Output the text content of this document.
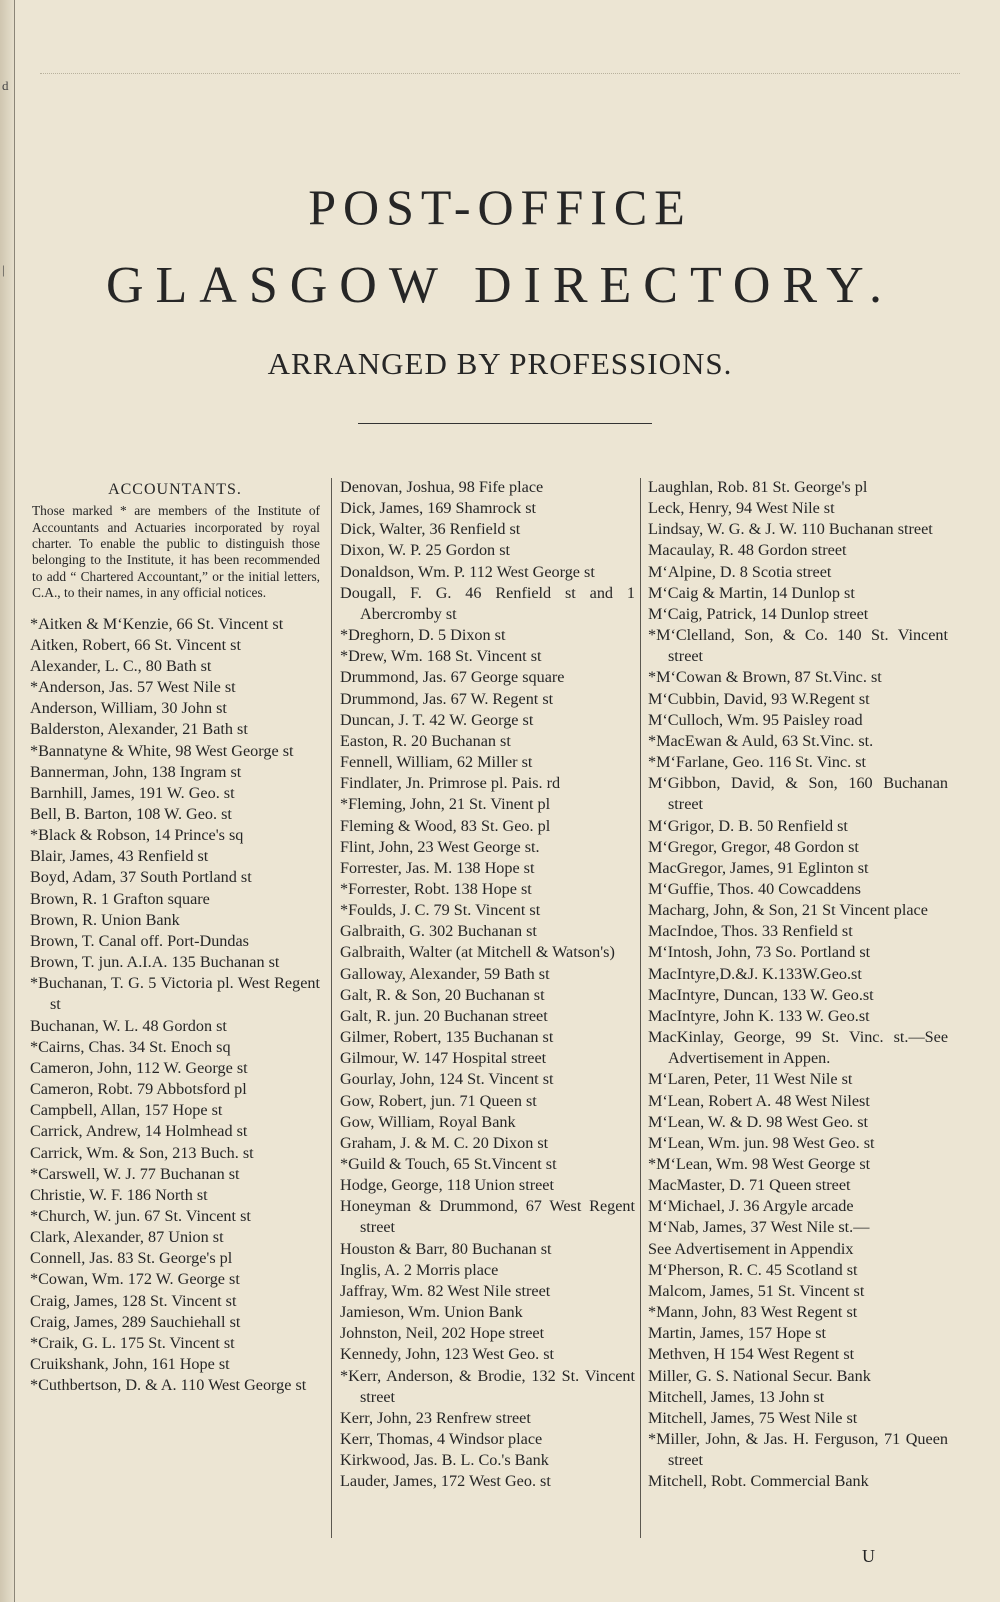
d
|
POST-OFFICE
GLASGOW DIRECTORY.
ARRANGED BY PROFESSIONS.
ACCOUNTANTS.
Those marked * are members of the Institute of Accountants and Actuaries incorporated by royal charter. To enable the public to distinguish those belonging to the Institute, it has been recommended to add “ Chartered Accountant,” or the initial letters, C.A., to their names, in any official notices.
*Aitken & M‘Kenzie, 66 St. Vincent st
Aitken, Robert, 66 St. Vincent st
Alexander, L. C., 80 Bath st
*Anderson, Jas. 57 West Nile st
Anderson, William, 30 John st
Balderston, Alexander, 21 Bath st
*Bannatyne & White, 98 West George st
Bannerman, John, 138 Ingram st
Barnhill, James, 191 W. Geo. st
Bell, B. Barton, 108 W. Geo. st
*Black & Robson, 14 Prince's sq
Blair, James, 43 Renfield st
Boyd, Adam, 37 South Portland st
Brown, R. 1 Grafton square
Brown, R. Union Bank
Brown, T. Canal off. Port-Dundas
Brown, T. jun. A.I.A. 135 Buchanan st
*Buchanan, T. G. 5 Victoria pl. West Regent st
Buchanan, W. L. 48 Gordon st
*Cairns, Chas. 34 St. Enoch sq
Cameron, John, 112 W. George st
Cameron, Robt. 79 Abbotsford pl
Campbell, Allan, 157 Hope st
Carrick, Andrew, 14 Holmhead st
Carrick, Wm. & Son, 213 Buch. st
*Carswell, W. J. 77 Buchanan st
Christie, W. F. 186 North st
*Church, W. jun. 67 St. Vincent st
Clark, Alexander, 87 Union st
Connell, Jas. 83 St. George's pl
*Cowan, Wm. 172 W. George st
Craig, James, 128 St. Vincent st
Craig, James, 289 Sauchiehall st
*Craik, G. L. 175 St. Vincent st
Cruikshank, John, 161 Hope st
*Cuthbertson, D. & A. 110 West George st
Denovan, Joshua, 98 Fife place
Dick, James, 169 Shamrock st
Dick, Walter, 36 Renfield st
Dixon, W. P. 25 Gordon st
Donaldson, Wm. P. 112 West George st
Dougall, F. G. 46 Renfield st and 1 Abercromby st
*Dreghorn, D. 5 Dixon st
*Drew, Wm. 168 St. Vincent st
Drummond, Jas. 67 George square
Drummond, Jas. 67 W. Regent st
Duncan, J. T. 42 W. George st
Easton, R. 20 Buchanan st
Fennell, William, 62 Miller st
Findlater, Jn. Primrose pl. Pais. rd
*Fleming, John, 21 St. Vinent pl
Fleming & Wood, 83 St. Geo. pl
Flint, John, 23 West George st.
Forrester, Jas. M. 138 Hope st
*Forrester, Robt. 138 Hope st
*Foulds, J. C. 79 St. Vincent st
Galbraith, G. 302 Buchanan st
Galbraith, Walter (at Mitchell & Watson's)
Galloway, Alexander, 59 Bath st
Galt, R. & Son, 20 Buchanan st
Galt, R. jun. 20 Buchanan street
Gilmer, Robert, 135 Buchanan st
Gilmour, W. 147 Hospital street
Gourlay, John, 124 St. Vincent st
Gow, Robert, jun. 71 Queen st
Gow, William, Royal Bank
Graham, J. & M. C. 20 Dixon st
*Guild & Touch, 65 St.Vincent st
Hodge, George, 118 Union street
Honeyman & Drummond, 67 West Regent street
Houston & Barr, 80 Buchanan st
Inglis, A. 2 Morris place
Jaffray, Wm. 82 West Nile street
Jamieson, Wm. Union Bank
Johnston, Neil, 202 Hope street
Kennedy, John, 123 West Geo. st
*Kerr, Anderson, & Brodie, 132 St. Vincent street
Kerr, John, 23 Renfrew street
Kerr, Thomas, 4 Windsor place
Kirkwood, Jas. B. L. Co.'s Bank
Lauder, James, 172 West Geo. st
Laughlan, Rob. 81 St. George's pl
Leck, Henry, 94 West Nile st
Lindsay, W. G. & J. W. 110 Buchanan street
Macaulay, R. 48 Gordon street
M‘Alpine, D. 8 Scotia street
M‘Caig & Martin, 14 Dunlop st
M‘Caig, Patrick, 14 Dunlop street
*M‘Clelland, Son, & Co. 140 St. Vincent street
*M‘Cowan & Brown, 87 St.Vinc. st
M‘Cubbin, David, 93 W.Regent st
M‘Culloch, Wm. 95 Paisley road
*MacEwan & Auld, 63 St.Vinc. st.
*M‘Farlane, Geo. 116 St. Vinc. st
M‘Gibbon, David, & Son, 160 Buchanan street
M‘Grigor, D. B. 50 Renfield st
M‘Gregor, Gregor, 48 Gordon st
MacGregor, James, 91 Eglinton st
M‘Guffie, Thos. 40 Cowcaddens
Macharg, John, & Son, 21 St Vincent place
MacIndoe, Thos. 33 Renfield st
M‘Intosh, John, 73 So. Portland st
MacIntyre,D.&J. K.133W.Geo.st
MacIntyre, Duncan, 133 W. Geo.st
MacIntyre, John K. 133 W. Geo.st
MacKinlay, George, 99 St. Vinc. st.—See Advertisement in Appen.
M‘Laren, Peter, 11 West Nile st
M‘Lean, Robert A. 48 West Nilest
M‘Lean, W. & D. 98 West Geo. st
M‘Lean, Wm. jun. 98 West Geo. st
*M‘Lean, Wm. 98 West George st
MacMaster, D. 71 Queen street
M‘Michael, J. 36 Argyle arcade
M‘Nab, James, 37 West Nile st.—
See Advertisement in Appendix
M‘Pherson, R. C. 45 Scotland st
Malcom, James, 51 St. Vincent st
*Mann, John, 83 West Regent st
Martin, James, 157 Hope st
Methven, H 154 West Regent st
Miller, G. S. National Secur. Bank
Mitchell, James, 13 John st
Mitchell, James, 75 West Nile st
*Miller, John, & Jas. H. Ferguson, 71 Queen street
Mitchell, Robt. Commercial Bank
U
